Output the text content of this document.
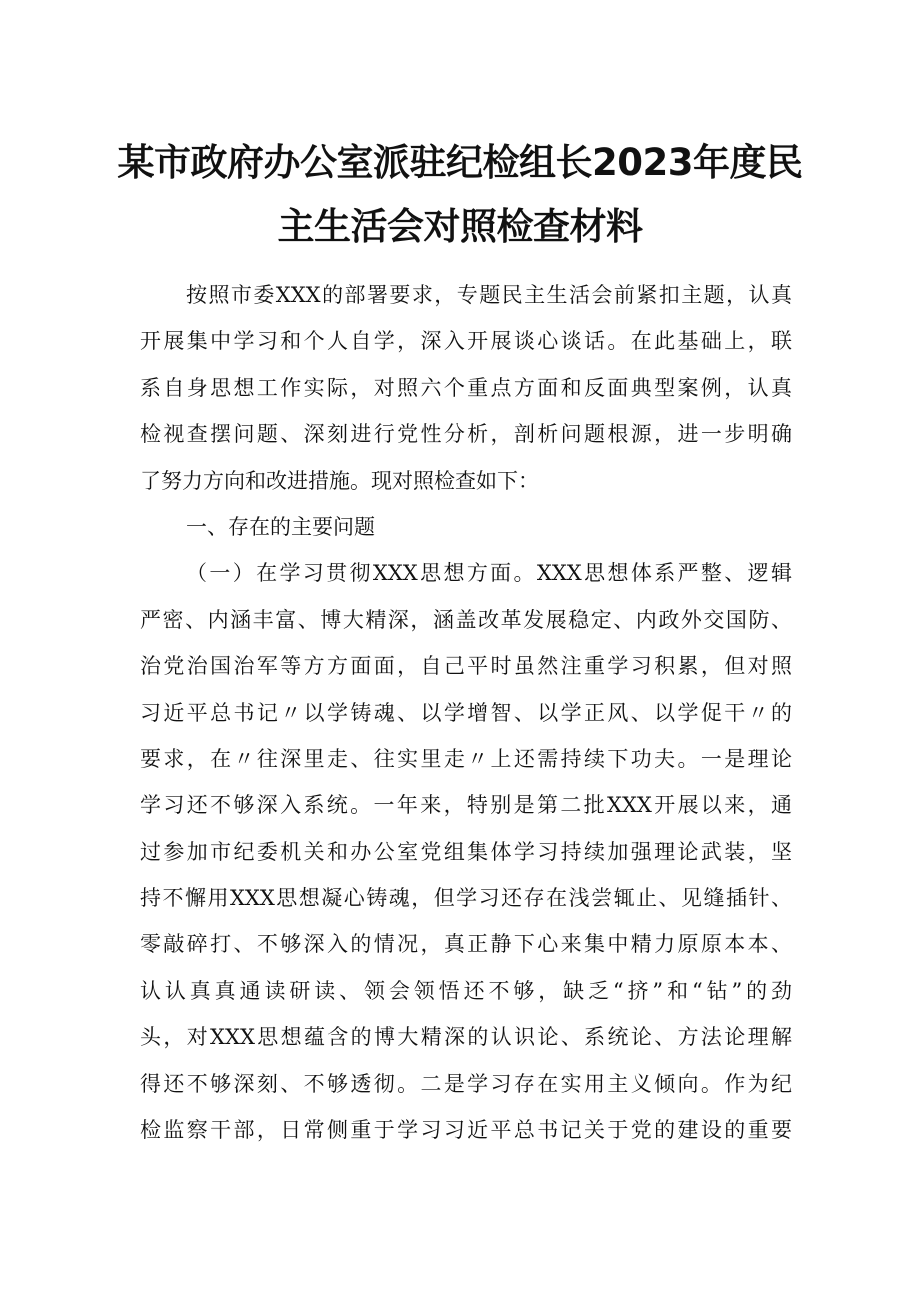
某市政府办公室派驻纪检组长2023年度民
主生活会对照检查材料
按照市委XXX的部署要求，专题民主生活会前紧扣主题，认真
开展集中学习和个人自学，深入开展谈心谈话。在此基础上，联
系自身思想工作实际，对照六个重点方面和反面典型案例，认真
检视查摆问题、深刻进行党性分析，剖析问题根源，进一步明确
了努力方向和改进措施。现对照检查如下：
一、存在的主要问题
（一）在学习贯彻XXX思想方面。XXX思想体系严整、逻辑
严密、内涵丰富、博大精深，涵盖改革发展稳定、内政外交国防、
治党治国治军等方方面面，自己平时虽然注重学习积累，但对照
习近平总书记〃以学铸魂、以学增智、以学正风、以学促干〃的
要求，在〃往深里走、往实里走〃上还需持续下功夫。一是理论
学习还不够深入系统。一年来，特别是第二批XXX开展以来，通
过参加市纪委机关和办公室党组集体学习持续加强理论武装，坚
持不懈用XXX思想凝心铸魂，但学习还存在浅尝辄止、见缝插针、
零敲碎打、不够深入的情况，真正静下心来集中精力原原本本、
认认真真通读研读、领会领悟还不够，缺乏“挤”和“钻”的劲
头，对XXX思想蕴含的博大精深的认识论、系统论、方法论理解
得还不够深刻、不够透彻。二是学习存在实用主义倾向。作为纪
检监察干部，日常侧重于学习习近平总书记关于党的建设的重要
